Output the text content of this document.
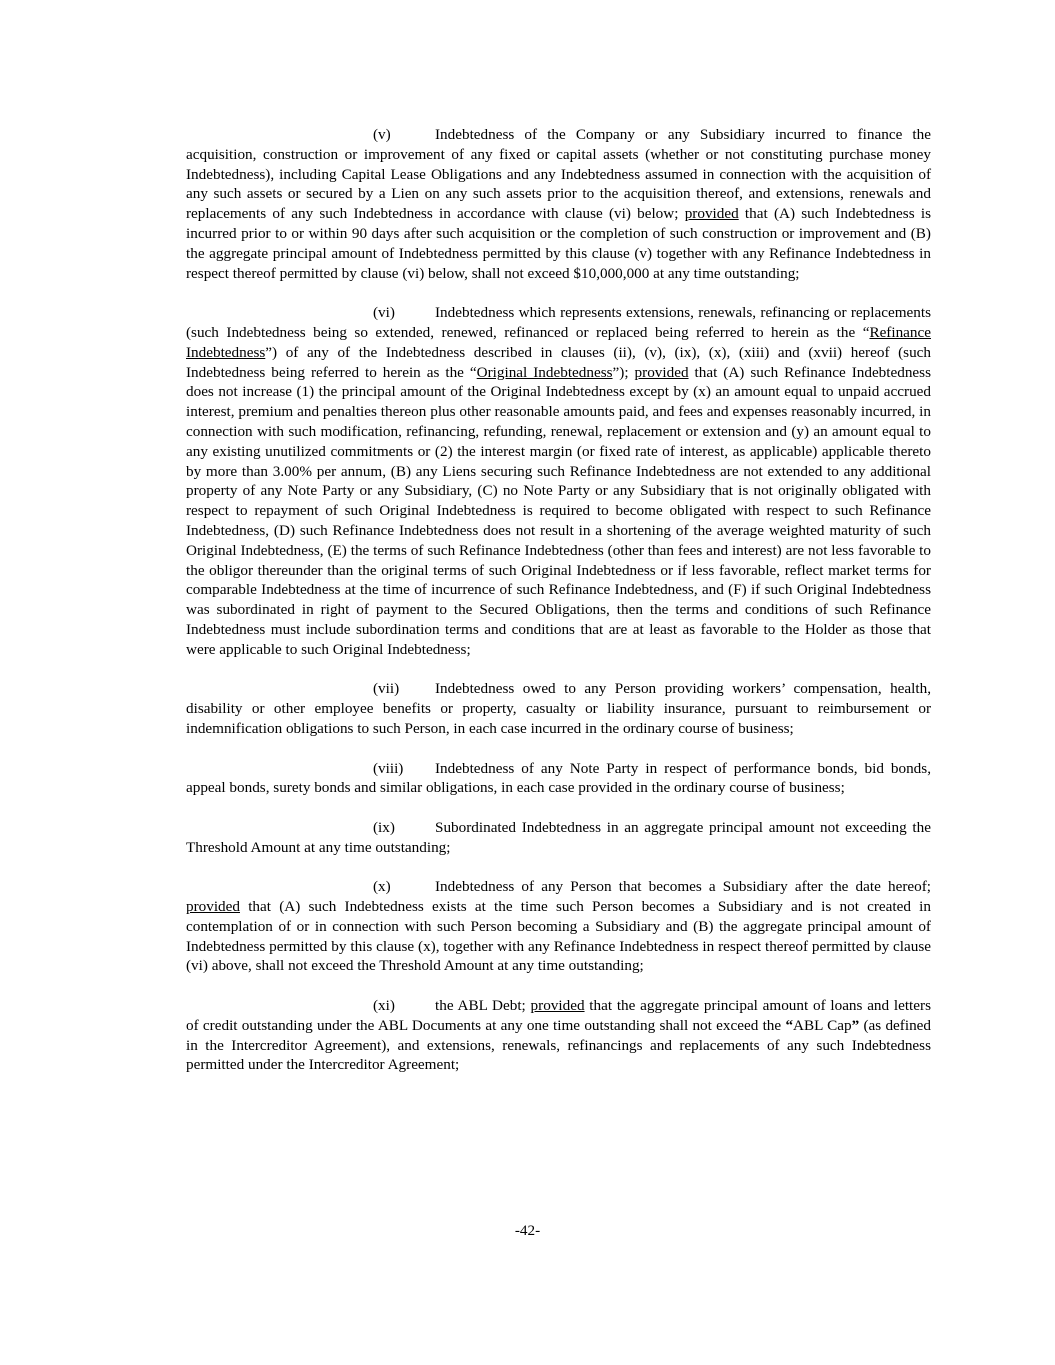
(v)	Indebtedness of the Company or any Subsidiary incurred to finance the acquisition, construction or improvement of any fixed or capital assets (whether or not constituting purchase money Indebtedness), including Capital Lease Obligations and any Indebtedness assumed in connection with the acquisition of any such assets or secured by a Lien on any such assets prior to the acquisition thereof, and extensions, renewals and replacements of any such Indebtedness in accordance with clause (vi) below; provided that (A) such Indebtedness is incurred prior to or within 90 days after such acquisition or the completion of such construction or improvement and (B) the aggregate principal amount of Indebtedness permitted by this clause (v) together with any Refinance Indebtedness in respect thereof permitted by clause (vi) below, shall not exceed $10,000,000 at any time outstanding;

(vi)	Indebtedness which represents extensions, renewals, refinancing or replacements (such Indebtedness being so extended, renewed, refinanced or replaced being referred to herein as the “Refinance Indebtedness”) of any of the Indebtedness described in clauses (ii), (v), (ix), (x), (xiii) and (xvii) hereof (such Indebtedness being referred to herein as the “Original Indebtedness”); provided that (A) such Refinance Indebtedness does not increase (1) the principal amount of the Original Indebtedness except by (x) an amount equal to unpaid accrued interest, premium and penalties thereon plus other reasonable amounts paid, and fees and expenses reasonably incurred, in connection with such modification, refinancing, refunding, renewal, replacement or extension and (y) an amount equal to any existing unutilized commitments or (2) the interest margin (or fixed rate of interest, as applicable) applicable thereto by more than 3.00% per annum, (B) any Liens securing such Refinance Indebtedness are not extended to any additional property of any Note Party or any Subsidiary, (C) no Note Party or any Subsidiary that is not originally obligated with respect to repayment of such Original Indebtedness is required to become obligated with respect to such Refinance Indebtedness, (D) such Refinance Indebtedness does not result in a shortening of the average weighted maturity of such Original Indebtedness, (E) the terms of such Refinance Indebtedness (other than fees and interest) are not less favorable to the obligor thereunder than the original terms of such Original Indebtedness or if less favorable, reflect market terms for comparable Indebtedness at the time of incurrence of such Refinance Indebtedness, and (F) if such Original Indebtedness was subordinated in right of payment to the Secured Obligations, then the terms and conditions of such Refinance Indebtedness must include subordination terms and conditions that are at least as favorable to the Holder as those that were applicable to such Original Indebtedness;

(vii) Indebtedness owed to any Person providing workers’ compensation, health, disability or other employee benefits or property, casualty or liability insurance, pursuant to reimbursement or indemnification obligations to such Person, in each case incurred in the ordinary course of business;

(viii) Indebtedness of any Note Party in respect of performance bonds, bid bonds, appeal bonds, surety bonds and similar obligations, in each case provided in the ordinary course of business;

(ix)	Subordinated Indebtedness in an aggregate principal amount not exceeding the Threshold Amount at any time outstanding;

(x)	Indebtedness of any Person that becomes a Subsidiary after the date hereof; provided that (A) such Indebtedness exists at the time such Person becomes a Subsidiary and is not created in contemplation of or in connection with such Person becoming a Subsidiary and (B) the aggregate principal amount of Indebtedness permitted by this clause (x), together with any Refinance Indebtedness in respect thereof permitted by clause (vi) above, shall not exceed the Threshold Amount at any time outstanding;

(xi)	the ABL Debt; provided that the aggregate principal amount of loans and letters of credit outstanding under the ABL Documents at any one time outstanding shall not exceed the “ABL Cap” (as defined in the Intercreditor Agreement), and extensions, renewals, refinancings and replacements of any such Indebtedness permitted under the Intercreditor Agreement;

-42-
